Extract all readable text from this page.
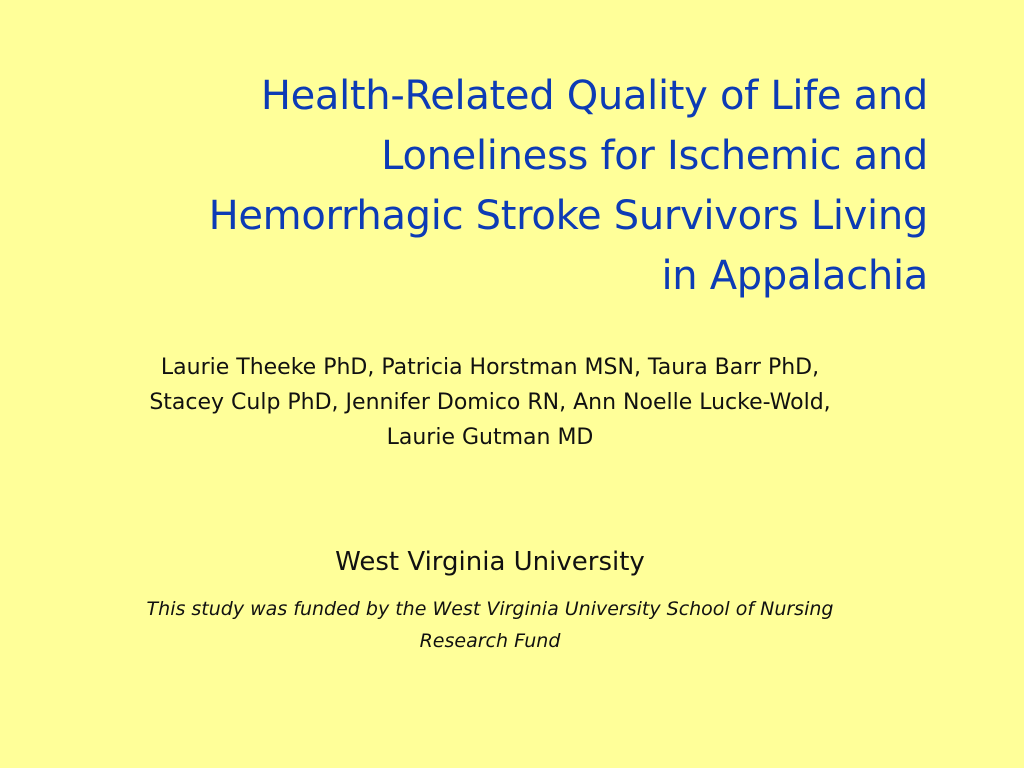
Health-Related Quality of Life and
Loneliness for Ischemic and
Hemorrhagic Stroke Survivors Living
in Appalachia
Laurie Theeke PhD, Patricia Horstman MSN, Taura Barr PhD,
Stacey Culp PhD, Jennifer Domico RN, Ann Noelle Lucke-Wold,
Laurie Gutman MD
West Virginia University
This study was funded by the West Virginia University School of Nursing
Research Fund
